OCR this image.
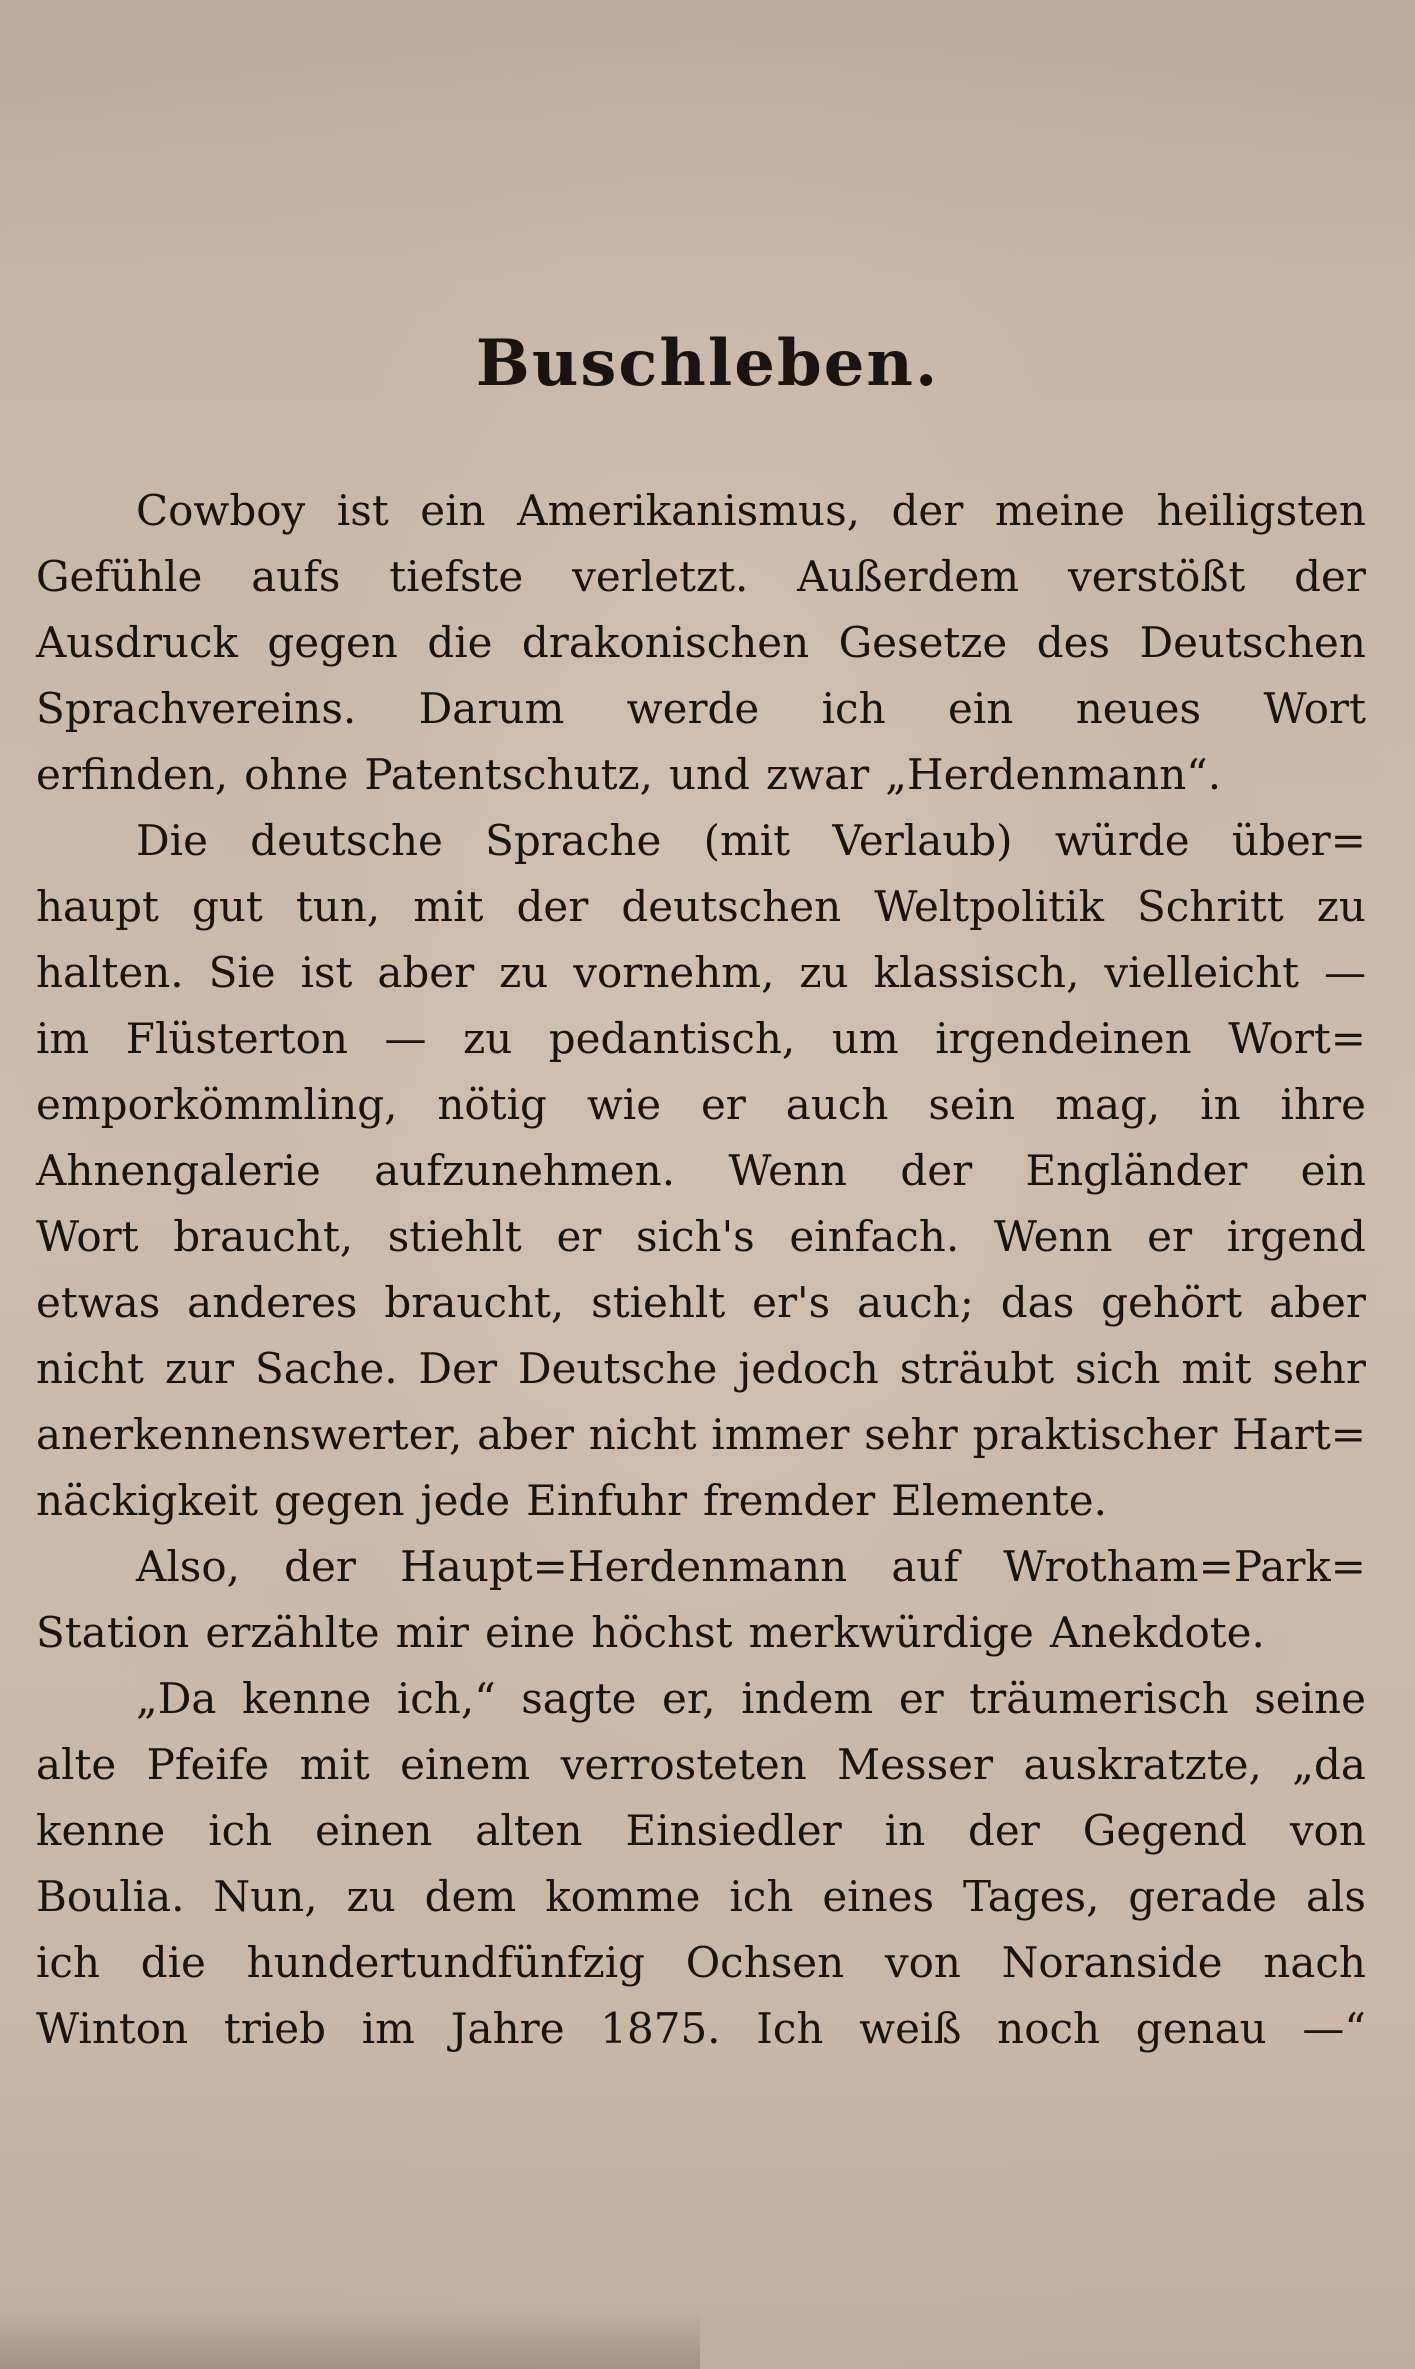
Buschleben.
Cowboy ist ein Amerikanismus, der meine heiligsten
Gefühle aufs tiefste verletzt. Außerdem verstößt der
Ausdruck gegen die drakonischen Gesetze des Deutschen
Sprachvereins. Darum werde ich ein neues Wort
erfinden, ohne Patentschutz, und zwar „Herdenmann“.
Die deutsche Sprache (mit Verlaub) würde über=
haupt gut tun, mit der deutschen Weltpolitik Schritt zu
halten. Sie ist aber zu vornehm, zu klassisch, vielleicht —
im Flüsterton — zu pedantisch, um irgendeinen Wort=
emporkömmling, nötig wie er auch sein mag, in ihre
Ahnengalerie aufzunehmen. Wenn der Engländer ein
Wort braucht, stiehlt er sich's einfach. Wenn er irgend
etwas anderes braucht, stiehlt er's auch; das gehört aber
nicht zur Sache. Der Deutsche jedoch sträubt sich mit sehr
anerkennenswerter, aber nicht immer sehr praktischer Hart=
näckigkeit gegen jede Einfuhr fremder Elemente.
Also, der Haupt=Herdenmann auf Wrotham=Park=
Station erzählte mir eine höchst merkwürdige Anekdote.
„Da kenne ich,“ sagte er, indem er träumerisch seine
alte Pfeife mit einem verrosteten Messer auskratzte, „da
kenne ich einen alten Einsiedler in der Gegend von
Boulia. Nun, zu dem komme ich eines Tages, gerade als
ich die hundertundfünfzig Ochsen von Noranside nach
Winton trieb im Jahre 1875. Ich weiß noch genau —“
